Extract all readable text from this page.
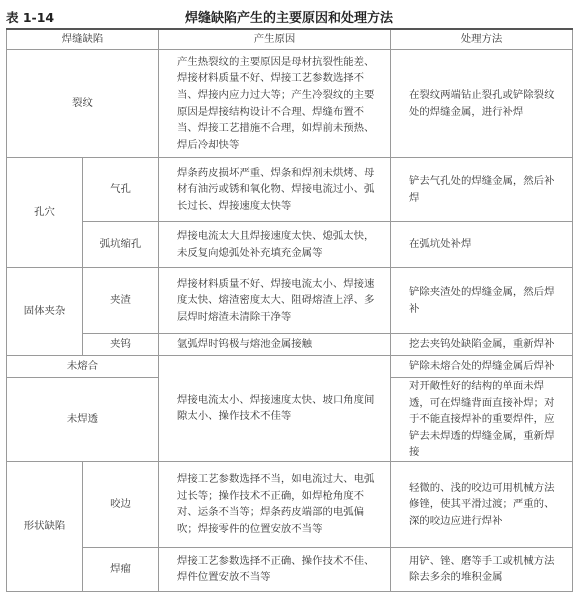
表 1-14	焊缝缺陷产生的主要原因和处理方法
焊缝缺陷		产生原因	处理方法
裂纹		产生热裂纹的主要原因是母材抗裂性能差、焊接材料质量不好、焊接工艺参数选择不当、焊接内应力过大等；产生冷裂纹的主要原因是焊接结构设计不合理、焊缝布置不当、焊接工艺措施不合理，如焊前未预热、焊后冷却快等	在裂纹两端钻止裂孔或铲除裂纹处的焊缝金属，进行补焊
孔穴	气孔	焊条药皮损坏严重、焊条和焊剂未烘烤、母材有油污或锈和氧化物、焊接电流过小、弧长过长、焊接速度太快等	铲去气孔处的焊缝金属，然后补焊
	弧坑缩孔	焊接电流太大且焊接速度太快、熄弧太快，未反复向熄弧处补充填充金属等	在弧坑处补焊
固体夹杂	夹渣	焊接材料质量不好、焊接电流太小、焊接速度太快、熔渣密度太大、阻碍熔渣上浮、多层焊时熔渣未清除干净等	铲除夹渣处的焊缝金属，然后焊补
	夹钨	氩弧焊时钨极与熔池金属接触	挖去夹钨处缺陷金属，重新焊补
未熔合		焊接电流太小、焊接速度太快、坡口角度间隙太小、操作技术不佳等	铲除未熔合处的焊缝金属后焊补
未焊透			对开敞性好的结构的单面未焊透，可在焊缝背面直接补焊；对于不能直接焊补的重要焊件，应铲去未焊透的焊缝金属，重新焊接
形状缺陷	咬边	焊接工艺参数选择不当，如电流过大、电弧过长等；操作技术不正确，如焊枪角度不对、运条不当等；焊条药皮端部的电弧偏吹；焊接零件的位置安放不当等	轻微的、浅的咬边可用机械方法修锉，使其平滑过渡；严重的、深的咬边应进行焊补
	焊瘤	焊接工艺参数选择不正确、操作技术不佳、焊件位置安放不当等	用铲、锉、磨等手工或机械方法除去多余的堆积金属
